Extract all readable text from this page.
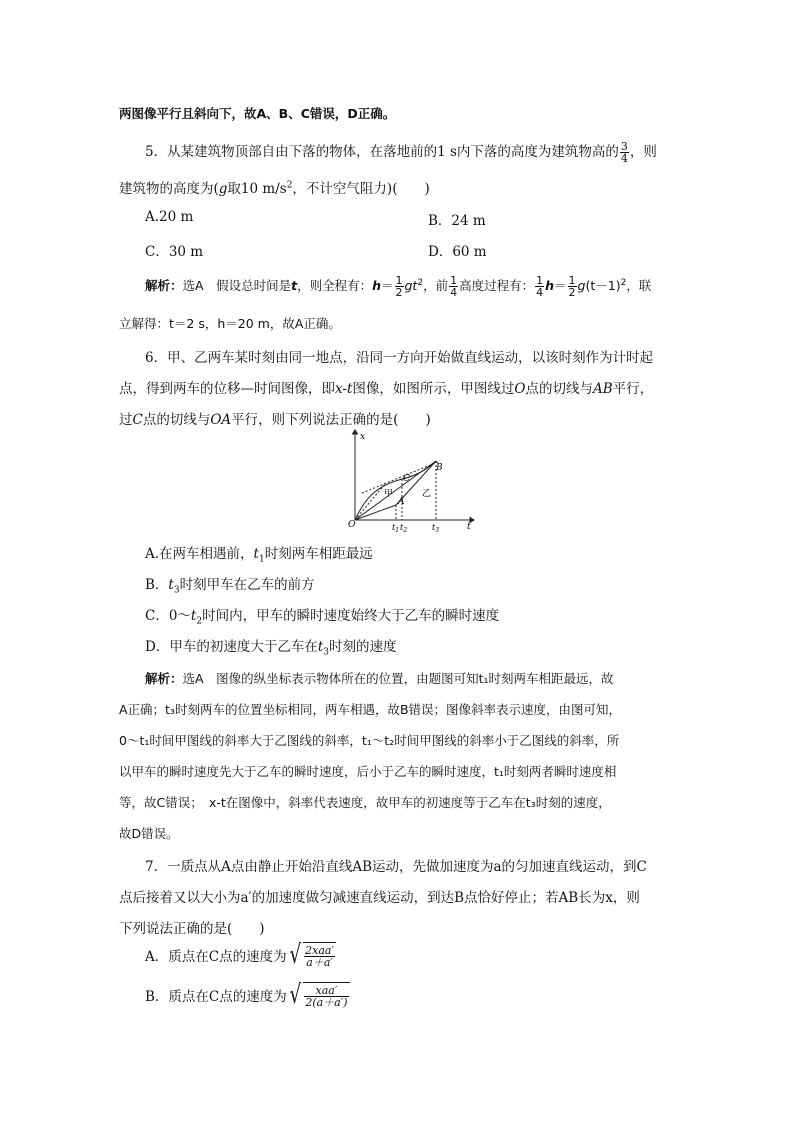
两图像平行且斜向下，故A、B、C错误，D正确。
5．从某建筑物顶部自由下落的物体，在落地前的1 s内下落的高度为建筑物高的 $\frac{3}{4}$ ，则
建筑物的高度为(g取10 $m/s^2$，不计空气阻力)(　　)
A.20 m	B．24 m
C．30 m	D．60 m
解析：选A　假设总时间是t，则全程有：$h= \frac{1}{2} gt^2$，前 $\frac{1}{4}$ 高度过程有： $\frac{1}{4} h= \frac{1}{2} g(t-1)^2$，联
立解得：t＝2 s，h＝20 m，故A正确。
6．甲、乙两车某时刻由同一地点，沿同一方向开始做直线运动，以该时刻作为计时起
点，得到两车的位移—时间图像，即x-t图像，如图所示，甲图线过O点的切线与AB平行，
过C点的切线与OA平行，则下列说法正确的是(　　)
x
t
O
A
B
C
甲	乙
$t_1$ $t_2$	$t_3$
A.在两车相遇前，$t_1$时刻两车相距最远
B．$t_3$时刻甲车在乙车的前方
C．$0\sim t_2$时间内，甲车的瞬时速度始终大于乙车的瞬时速度
D．甲车的初速度大于乙车在$t_3$时刻的速度
解析：选A　图像的纵坐标表示物体所在的位置，由题图可知t₁时刻两车相距最远，故
A正确；t₃时刻两车的位置坐标相同，两车相遇，故B错误；图像斜率表示速度，由图可知，
0～t₁时间甲图线的斜率大于乙图线的斜率，t₁～t₂时间甲图线的斜率小于乙图线的斜率，所
以甲车的瞬时速度先大于乙车的瞬时速度，后小于乙车的瞬时速度，t₁时刻两者瞬时速度相
等，故C错误；　x-t在图像中，斜率代表速度，故甲车的初速度等于乙车在t₃时刻的速度，
故D错误。
7．一质点从A点由静止开始沿直线AB运动，先做加速度为a的匀加速直线运动，到C
点后接着又以大小为a′的加速度做匀减速直线运动，到达B点恰好停止；若AB长为x，则
下列说法正确的是(　　)
A．质点在C点的速度为√ $\frac{\text{2xaa′}}{a+a'}$
B．质点在C点的速度为√ $\frac{\text{xaa′}}{2(a+a')}$
